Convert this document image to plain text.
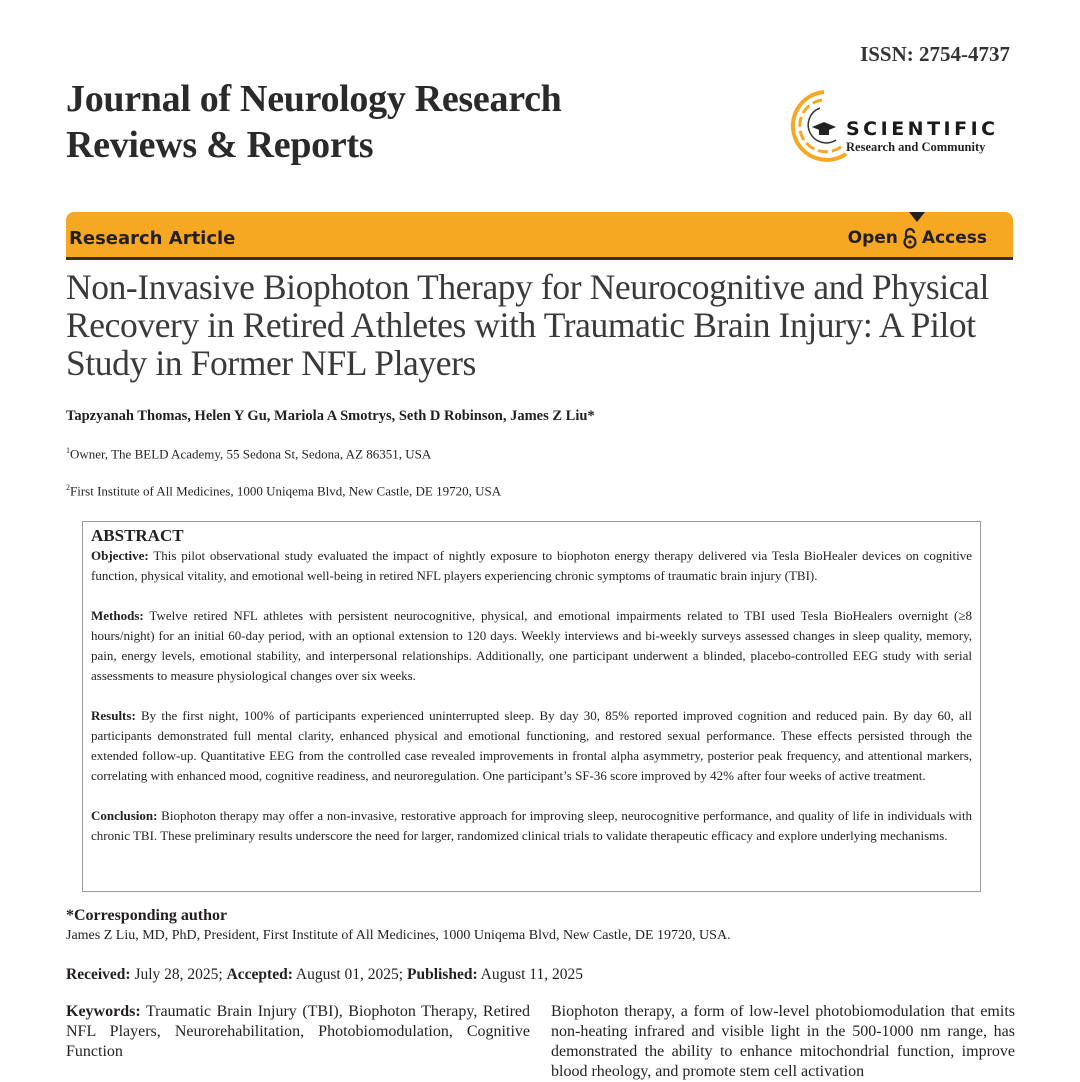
ISSN: 2754-4737
Journal of Neurology Research
Reviews & Reports	SCIENTIFIC
Research and Community
Research Article	Open Access
Non-Invasive Biophoton Therapy for Neurocognitive and Physical Recovery in Retired Athletes with Traumatic Brain Injury: A Pilot Study in Former NFL Players
Tapzyanah Thomas, Helen Y Gu, Mariola A Smotrys, Seth D Robinson, James Z Liu*
$^1$Owner, The BELD Academy, 55 Sedona St, Sedona, AZ 86351, USA
$^2$First Institute of All Medicines, 1000 Uniqema Blvd, New Castle, DE 19720, USA
ABSTRACT

Objective: This pilot observational study evaluated the impact of nightly exposure to biophoton energy therapy delivered via Tesla BioHealer devices on cognitive function, physical vitality, and emotional well-being in retired NFL players experiencing chronic symptoms of traumatic brain injury (TBI).

Methods: Twelve retired NFL athletes with persistent neurocognitive, physical, and emotional impairments related to TBI used Tesla BioHealers overnight (≥8 hours/night) for an initial 60-day period, with an optional extension to 120 days. Weekly interviews and bi-weekly surveys assessed changes in sleep quality, memory, pain, energy levels, emotional stability, and interpersonal relationships. Additionally, one participant underwent a blinded, placebo-controlled EEG study with serial assessments to measure physiological changes over six weeks.

Results: By the first night, 100% of participants experienced uninterrupted sleep. By day 30, 85% reported improved cognition and reduced pain. By day 60, all participants demonstrated full mental clarity, enhanced physical and emotional functioning, and restored sexual performance. These effects persisted through the extended follow-up. Quantitative EEG from the controlled case revealed improvements in frontal alpha asymmetry, posterior peak frequency, and attentional markers, correlating with enhanced mood, cognitive readiness, and neuroregulation. One participant’s SF-36 score improved by 42% after four weeks of active treatment.

Conclusion: Biophoton therapy may offer a non-invasive, restorative approach for improving sleep, neurocognitive performance, and quality of life in individuals with chronic TBI. These preliminary results underscore the need for larger, randomized clinical trials to validate therapeutic efficacy and explore underlying mechanisms.

*Corresponding author
James Z Liu, MD, PhD, President, First Institute of All Medicines, 1000 Uniqema Blvd, New Castle, DE 19720, USA.
Received: July 28, 2025; Accepted: August 01, 2025; Published: August 11, 2025
Keywords: Traumatic Brain Injury (TBI), Biophoton Therapy, Retired NFL Players, Neurorehabilitation, Photobiomodulation, Cognitive Function
Biophoton therapy, a form of low-level photobiomodulation that emits non-heating infrared and visible light in the 500-1000 nm range, has demonstrated the ability to enhance mitochondrial function, improve blood rheology, and promote stem cell activation
